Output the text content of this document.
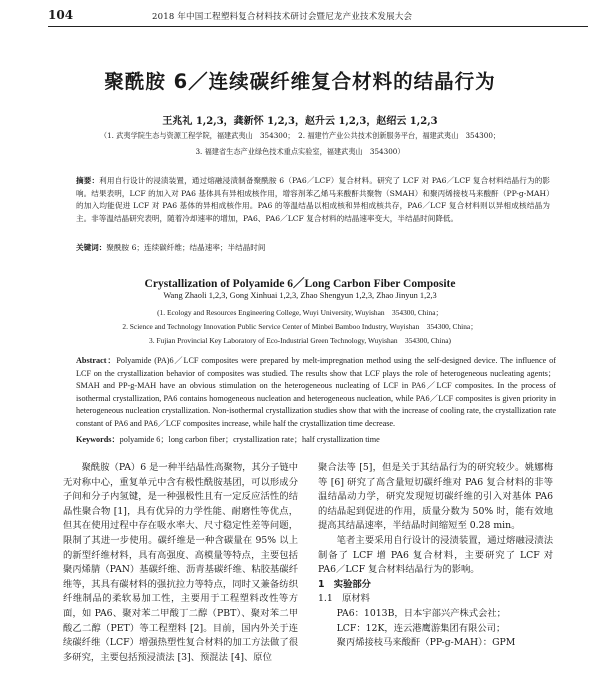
104	2018 年中国工程塑料复合材料技术研讨会暨尼龙产业技术发展大会
聚酰胺 6／连续碳纤维复合材料的结晶行为
王兆礼 1,2,3，龚新怀 1,2,3，赵升云 1,2,3，赵绍云 1,2,3
（1. 武夷学院生态与资源工程学院，福建武夷山　354300；　2. 福建竹产业公共技术创新服务平台，福建武夷山　354300；
3. 福建省生态产业绿色技术重点实验室，福建武夷山　354300）
摘要：利用自行设计的浸渍装置，通过熔融浸渍制备聚酰胺 6（PA6／LCF）复合材料。研究了 LCF 对 PA6／LCF 复合材料结晶行为的影响。结果表明，LCF 的加入对 PA6 基体具有异相成核作用，增容剂苯乙烯马来酸酐共聚物（SMAH）和聚丙烯接枝马来酸酐（PP-g-MAH）的加入均能促进 LCF 对 PA6 基体的异相成核作用。PA6 的等温结晶以相成核和异相成核共存，PA6／LCF 复合材料则以异相成核结晶为主。非等温结晶研究表明，随着冷却速率的增加，PA6、PA6／LCF 复合材料的结晶速率变大，半结晶时间降低。
关键词：聚酰胺 6；连续碳纤维；结晶速率；半结晶时间
Crystallization of Polyamide 6／Long Carbon Fiber Composite
Wang Zhaoli 1,2,3, Gong Xinhuai 1,2,3, Zhao Shengyun 1,2,3, Zhao Jinyun 1,2,3
(1. Ecology and Resources Engineering College, Wuyi University, Wuyishan　354300, China；
2. Science and Technology Innovation Public Service Center of Minbei Bamboo Industry, Wuyishan　354300, China；
3. Fujian Provincial Key Laboratory of Eco-Industrial Green Technology, Wuyishan　354300, China)
Abstract：Polyamide (PA)6／LCF composites were prepared by melt-impregnation method using the self-designed device. The influence of LCF on the crystallization behavior of composites was studied. The results show that LCF plays the role of heterogeneous nucleating agents；SMAH and PP-g-MAH have an obvious stimulation on the heterogeneous nucleating of LCF in PA6／LCF composites. In the process of isothermal crystallization, PA6 contains homogeneous nucleation and heterogeneous nucleation, while PA6／LCF composites is given priority in heterogeneous nucleation crystallization. Non-isothermal crystallization studies show that with the increase of cooling rate, the crystallization rate constant of PA6 and PA6／LCF composites increase, while half the crystallization time decrease.
Keywords：polyamide 6；long carbon fiber；crystallization rate；half crystallization time

聚酰胺（PA）6 是一种半结晶性高聚物，其分子链中无对称中心，重复单元中含有极性酰胺基团，可以形成分子间和分子内氢键，是一种强极性且有一定反应活性的结晶性聚合物 [1]，具有优异的力学性能、耐磨性等优点，但其在使用过程中存在吸水率大、尺寸稳定性差等问题，限制了其进一步使用。碳纤维是一种含碳量在 95% 以上的新型纤维材料，具有高强度、高模量等特点，主要包括聚丙烯腈（PAN）基碳纤维、沥青基碳纤维、粘胶基碳纤维等，其具有碳材料的强抗拉力等特点，同时又兼备纺织纤维制品的柔软易加工性，主要用于工程塑料改性等方面，如 PA6、聚对苯二甲酸丁二醇（PBT）、聚对苯二甲酸乙二醇（PET）等工程塑料 [2]。目前，国内外关于连续碳纤维（LCF）增强热塑性复合材料的加工方法做了很多研究，主要包括预浸渍法 [3]、预混法 [4]、原位

聚合法等 [5]，但是关于其结晶行为的研究较少。姚娜梅等 [6] 研究了高含量短切碳纤维对 PA6 复合材料的非等温结晶动力学，研究发现短切碳纤维的引入对基体 PA6 的结晶起到促进的作用，质量分数为 50% 时，能有效地提高其结晶速率，半结晶时间缩短至 0.28 min。

笔者主要采用自行设计的浸渍装置，通过熔融浸渍法制备了 LCF 增 PA6 复合材料，主要研究了 LCF 对 PA6／LCF 复合材料结晶行为的影响。

1　实验部分

1.1　原材料

PA6：1013B，日本宇部兴产株式会社；

LCF：12K，连云港鹰游集团有限公司；

聚丙烯接枝马来酸酐（PP-g-MAH）：GPM
